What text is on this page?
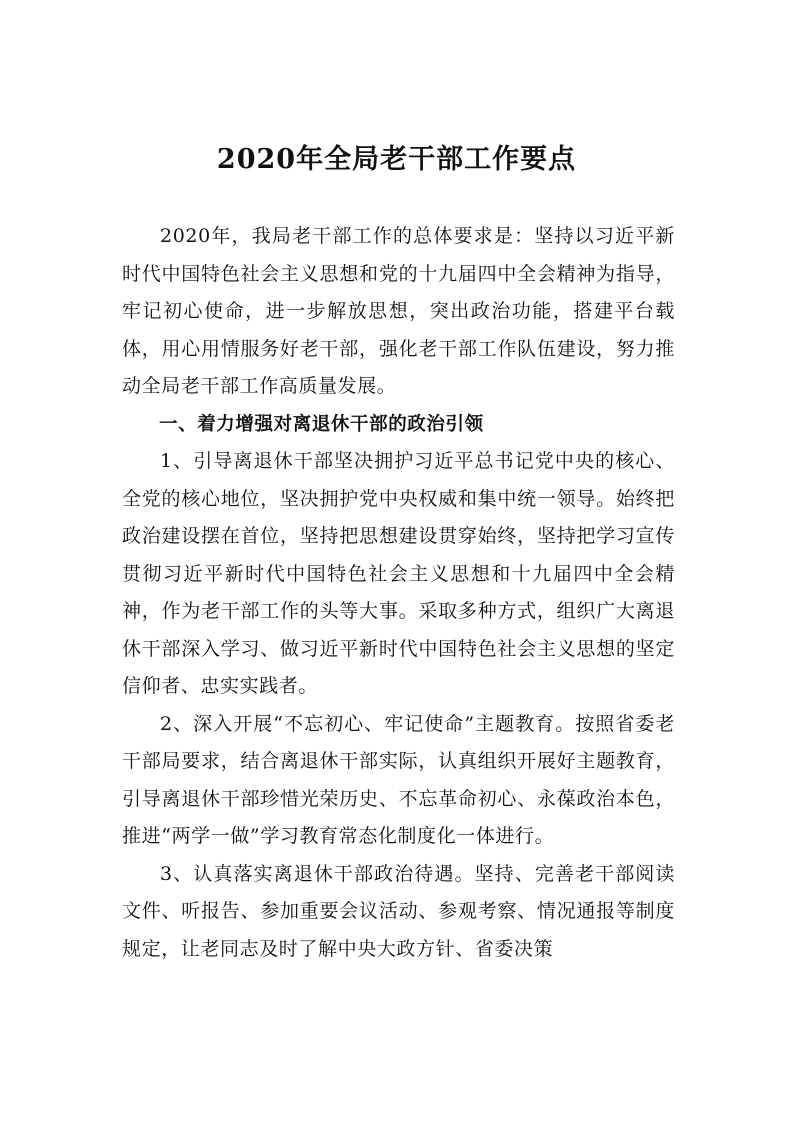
2020年全局老干部工作要点

2020年，我局老干部工作的总体要求是：坚持以习近平新时代中国特色社会主义思想和党的十九届四中全会精神为指导，牢记初心使命，进一步解放思想，突出政治功能，搭建平台载体，用心用情服务好老干部，强化老干部工作队伍建设，努力推动全局老干部工作高质量发展。

一、着力增强对离退休干部的政治引领

1、引导离退休干部坚决拥护习近平总书记党中央的核心、全党的核心地位，坚决拥护党中央权威和集中统一领导。始终把政治建设摆在首位，坚持把思想建设贯穿始终，坚持把学习宣传贯彻习近平新时代中国特色社会主义思想和十九届四中全会精神，作为老干部工作的头等大事。采取多种方式，组织广大离退休干部深入学习、做习近平新时代中国特色社会主义思想的坚定信仰者、忠实实践者。

2、深入开展“不忘初心、牢记使命”主题教育。按照省委老干部局要求，结合离退休干部实际，认真组织开展好主题教育，引导离退休干部珍惜光荣历史、不忘革命初心、永葆政治本色，推进“两学一做”学习教育常态化制度化一体进行。

3、认真落实离退休干部政治待遇。坚持、完善老干部阅读文件、听报告、参加重要会议活动、参观考察、情况通报等制度规定，让老同志及时了解中央大政方针、省委决策
